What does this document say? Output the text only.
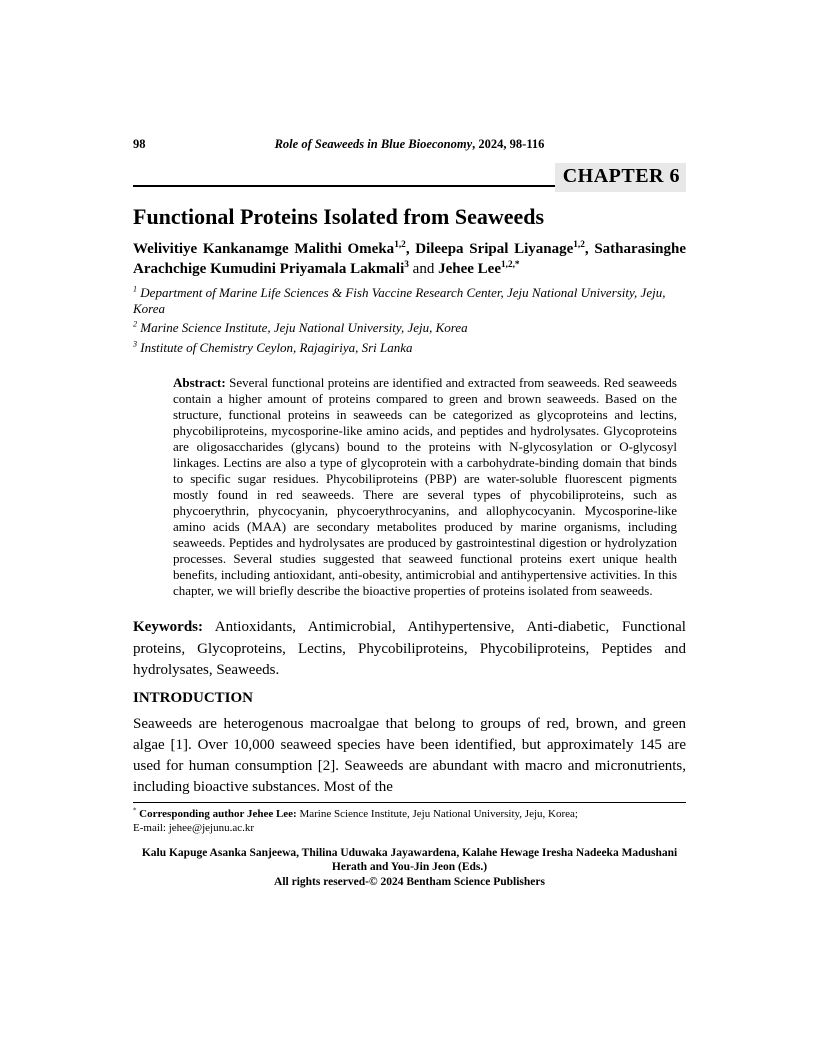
98	Role of Seaweeds in Blue Bioeconomy, 2024, 98-116
CHAPTER 6
Functional Proteins Isolated from Seaweeds

Welivitiye Kankanamge Malithi Omeka$^{1,2}$, Dileepa Sripal Liyanage$^{1,2}$, Satharasinghe Arachchige Kumudini Priyamala Lakmali$^3$ and Jehee Lee$^{1,2,*}$

$^1$ Department of Marine Life Sciences & Fish Vaccine Research Center, Jeju National University, Jeju, Korea

$^2$ Marine Science Institute, Jeju National University, Jeju, Korea

$^3$ Institute of Chemistry Ceylon, Rajagiriya, Sri Lanka

Abstract: Several functional proteins are identified and extracted from seaweeds. Red seaweeds contain a higher amount of proteins compared to green and brown seaweeds. Based on the structure, functional proteins in seaweeds can be categorized as glycoproteins and lectins, phycobiliproteins, mycosporine-like amino acids, and peptides and hydrolysates. Glycoproteins are oligosaccharides (glycans) bound to the proteins with N-glycosylation or O-glycosyl linkages. Lectins are also a type of glycoprotein with a carbohydrate-binding domain that binds to specific sugar residues. Phycobiliproteins (PBP) are water-soluble fluorescent pigments mostly found in red seaweeds. There are several types of phycobiliproteins, such as phycoerythrin, phycocyanin, phycoerythrocyanins, and allophycocyanin. Mycosporine-like amino acids (MAA) are secondary metabolites produced by marine organisms, including seaweeds. Peptides and hydrolysates are produced by gastrointestinal digestion or hydrolyzation processes. Several studies suggested that seaweed functional proteins exert unique health benefits, including antioxidant, anti-obesity, antimicrobial and antihypertensive activities. In this chapter, we will briefly describe the bioactive properties of proteins isolated from seaweeds.

Keywords: Antioxidants, Antimicrobial, Antihypertensive, Anti-diabetic, Functional proteins, Glycoproteins, Lectins, Phycobiliproteins, Phycobiliproteins, Peptides and hydrolysates, Seaweeds.

INTRODUCTION

Seaweeds are heterogenous macroalgae that belong to groups of red, brown, and green algae [1]. Over 10,000 seaweed species have been identified, but approximately 145 are used for human consumption [2]. Seaweeds are abundant with macro and micronutrients, including bioactive substances. Most of the

* Corresponding author Jehee Lee: Marine Science Institute, Jeju National University, Jeju, Korea;
E-mail: jehee@jejunu.ac.kr
Kalu Kapuge Asanka Sanjeewa, Thilina Uduwaka Jayawardena, Kalahe Hewage Iresha Nadeeka Madushani Herath and You-Jin Jeon (Eds.)
All rights reserved-© 2024 Bentham Science Publishers
